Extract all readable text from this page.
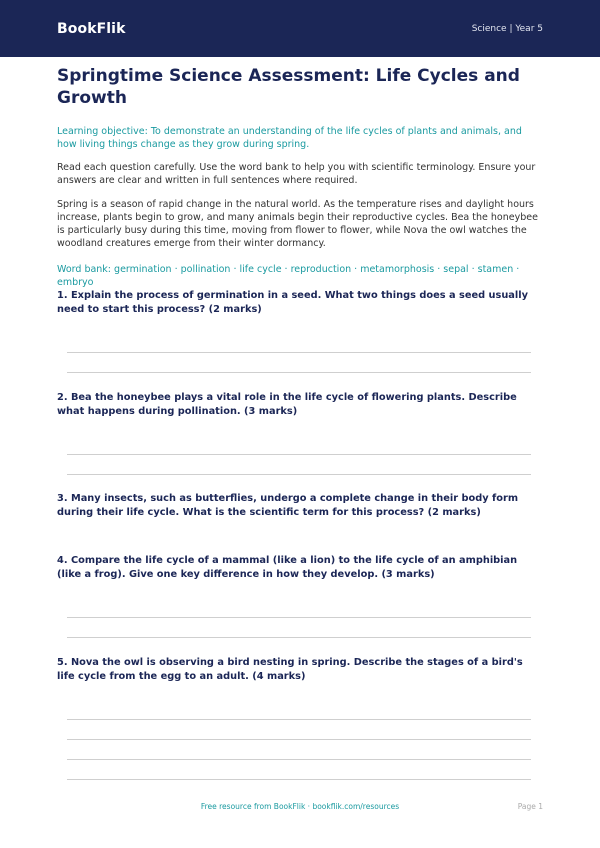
BookFlik	Science | Year 5
Springtime Science Assessment: Life Cycles and Growth

Learning objective: To demonstrate an understanding of the life cycles of plants and animals, and how living things change as they grow during spring.

Read each question carefully. Use the word bank to help you with scientific terminology. Ensure your answers are clear and written in full sentences where required.

Spring is a season of rapid change in the natural world. As the temperature rises and daylight hours increase, plants begin to grow, and many animals begin their reproductive cycles. Bea the honeybee is particularly busy during this time, moving from flower to flower, while Nova the owl watches the woodland creatures emerge from their winter dormancy.

Word bank: germination · pollination · life cycle · reproduction · metamorphosis · sepal · stamen · embryo

1. Explain the process of germination in a seed. What two things does a seed usually need to start this process? (2 marks)
2. Bea the honeybee plays a vital role in the life cycle of flowering plants. Describe what happens during pollination. (3 marks)
3. Many insects, such as butterflies, undergo a complete change in their body form during their life cycle. What is the scientific term for this process? (2 marks)
4. Compare the life cycle of a mammal (like a lion) to the life cycle of an amphibian (like a frog). Give one key difference in how they develop. (3 marks)
5. Nova the owl is observing a bird nesting in spring. Describe the stages of a bird's life cycle from the egg to an adult. (4 marks)
Free resource from BookFlik · bookflik.com/resources	Page 1
